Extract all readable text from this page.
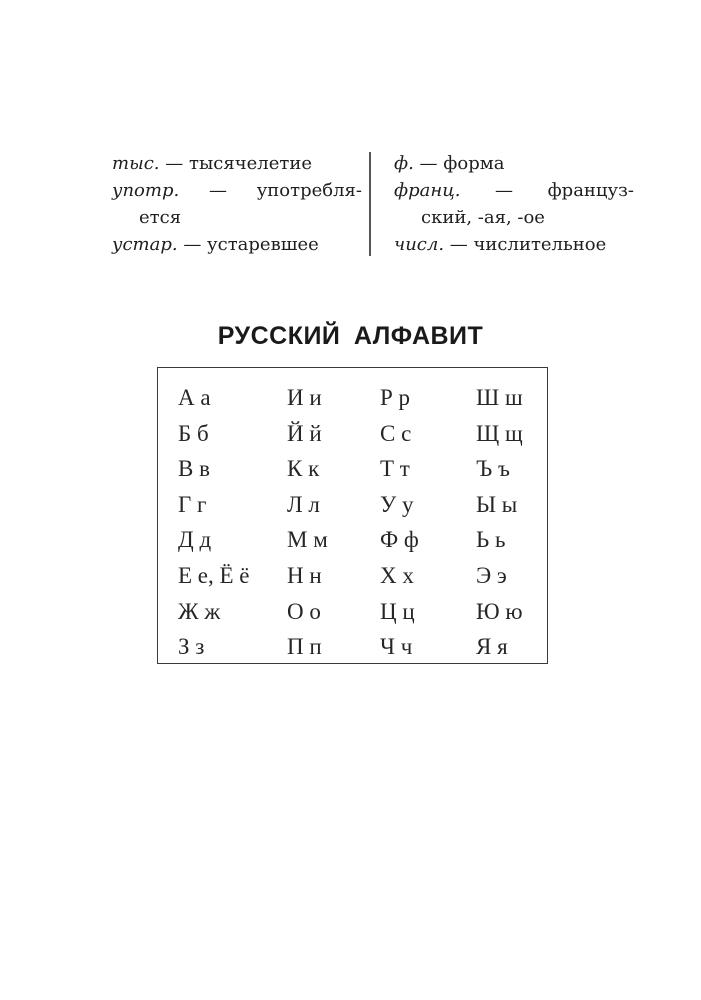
тыс. — тысячелетие
употр. — употребля-
ется
устар. — устаревшее
ф. — форма
франц. — француз-
ский, -ая, -ое
числ. — числительное
РУССКИЙ АЛФАВИТ
А а	И и	Р р	Ш ш
Б б	Й й	С с	Щ щ
В в	К к	Т т	Ъ ъ
Г г	Л л	У у	Ы ы
Д д	М м	Ф ф	Ь ь
Е е, Ё ё	Н н	Х х	Э э
Ж ж	О о	Ц ц	Ю ю
З з	П п	Ч ч	Я я
